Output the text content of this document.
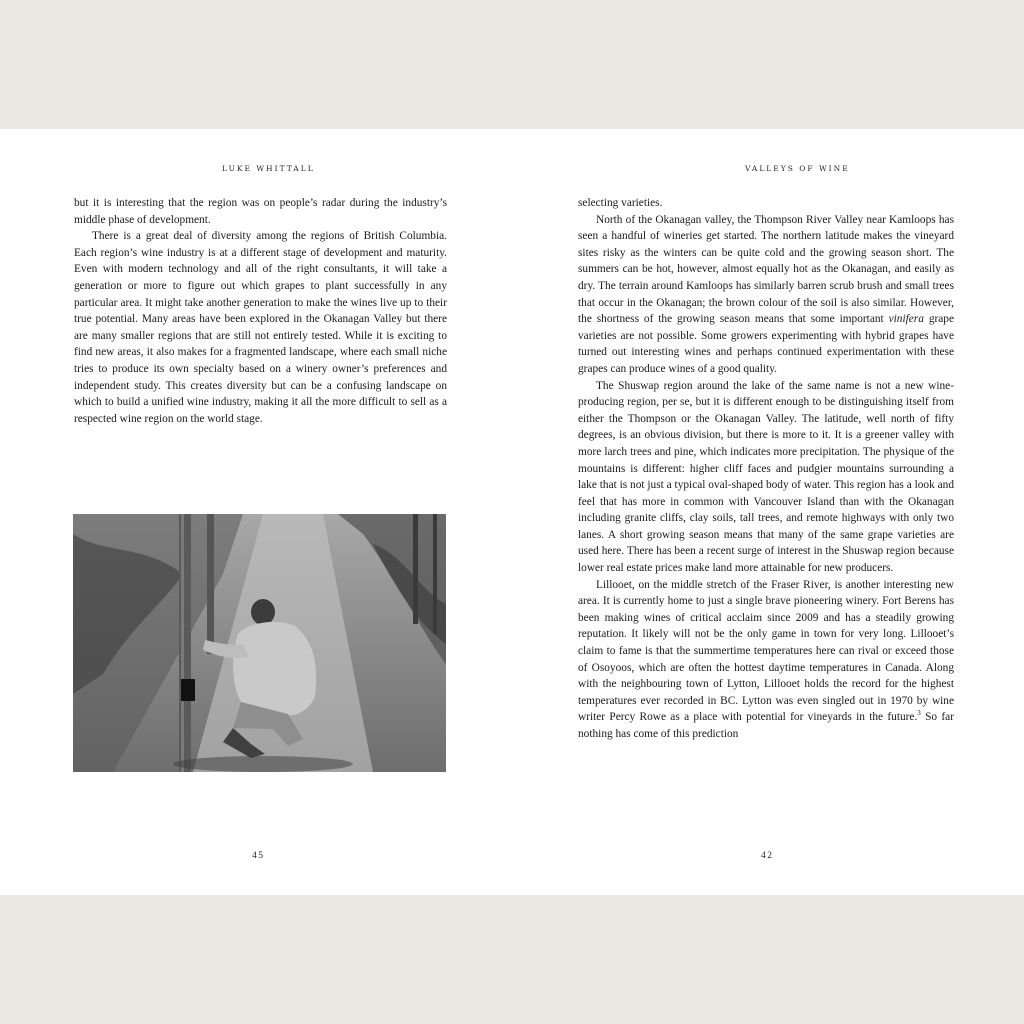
LUKE WHITTALL

but it is interesting that the region was on people’s radar during the industry’s middle phase of development.

There is a great deal of diversity among the regions of British Columbia. Each region’s wine industry is at a different stage of development and maturity. Even with modern technology and all of the right consultants, it will take a generation or more to figure out which grapes to plant successfully in any particular area. It might take another generation to make the wines live up to their true potential. Many areas have been explored in the Okanagan Valley but there are many smaller regions that are still not entirely tested. While it is exciting to find new areas, it also makes for a fragmented landscape, where each small niche tries to produce its own specialty based on a winery owner’s preferences and independent study. This creates diversity but can be a confusing landscape on which to build a unified wine industry, making it all the more difficult to sell as a respected wine region on the world stage.

45
VALLEYS OF WINE

selecting varieties.

North of the Okanagan valley, the Thompson River Valley near Kamloops has seen a handful of wineries get started. The northern latitude makes the vineyard sites risky as the winters can be quite cold and the growing season short. The summers can be hot, however, almost equally hot as the Okanagan, and easily as dry. The terrain around Kamloops has similarly barren scrub brush and small trees that occur in the Okanagan; the brown colour of the soil is also similar. However, the shortness of the growing season means that some important vinifera grape varieties are not possible. Some growers experimenting with hybrid grapes have turned out interesting wines and perhaps continued experimentation with these grapes can produce wines of a good quality.

The Shuswap region around the lake of the same name is not a new wine-producing region, per se, but it is different enough to be distinguishing itself from either the Thompson or the Okanagan Valley. The latitude, well north of fifty degrees, is an obvious division, but there is more to it. It is a greener valley with more larch trees and pine, which indicates more precipitation. The physique of the mountains is different: higher cliff faces and pudgier mountains surrounding a lake that is not just a typical oval-shaped body of water. This region has a look and feel that has more in common with Vancouver Island than with the Okanagan including granite cliffs, clay soils, tall trees, and remote highways with only two lanes. A short growing season means that many of the same grape varieties are used here. There has been a recent surge of interest in the Shuswap region because lower real estate prices make land more attainable for new producers.

Lillooet, on the middle stretch of the Fraser River, is another interesting new area. It is currently home to just a single brave pioneering winery. Fort Berens has been making wines of critical acclaim since 2009 and has a steadily growing reputation. It likely will not be the only game in town for very long. Lillooet’s claim to fame is that the summertime temperatures here can rival or exceed those of Osoyoos, which are often the hottest daytime temperatures in Canada. Along with the neighbouring town of Lytton, Lillooet holds the record for the highest temperatures ever recorded in BC. Lytton was even singled out in 1970 by wine writer Percy Rowe as a place with potential for vineyards in the future.$^3$ So far nothing has come of this prediction

42
